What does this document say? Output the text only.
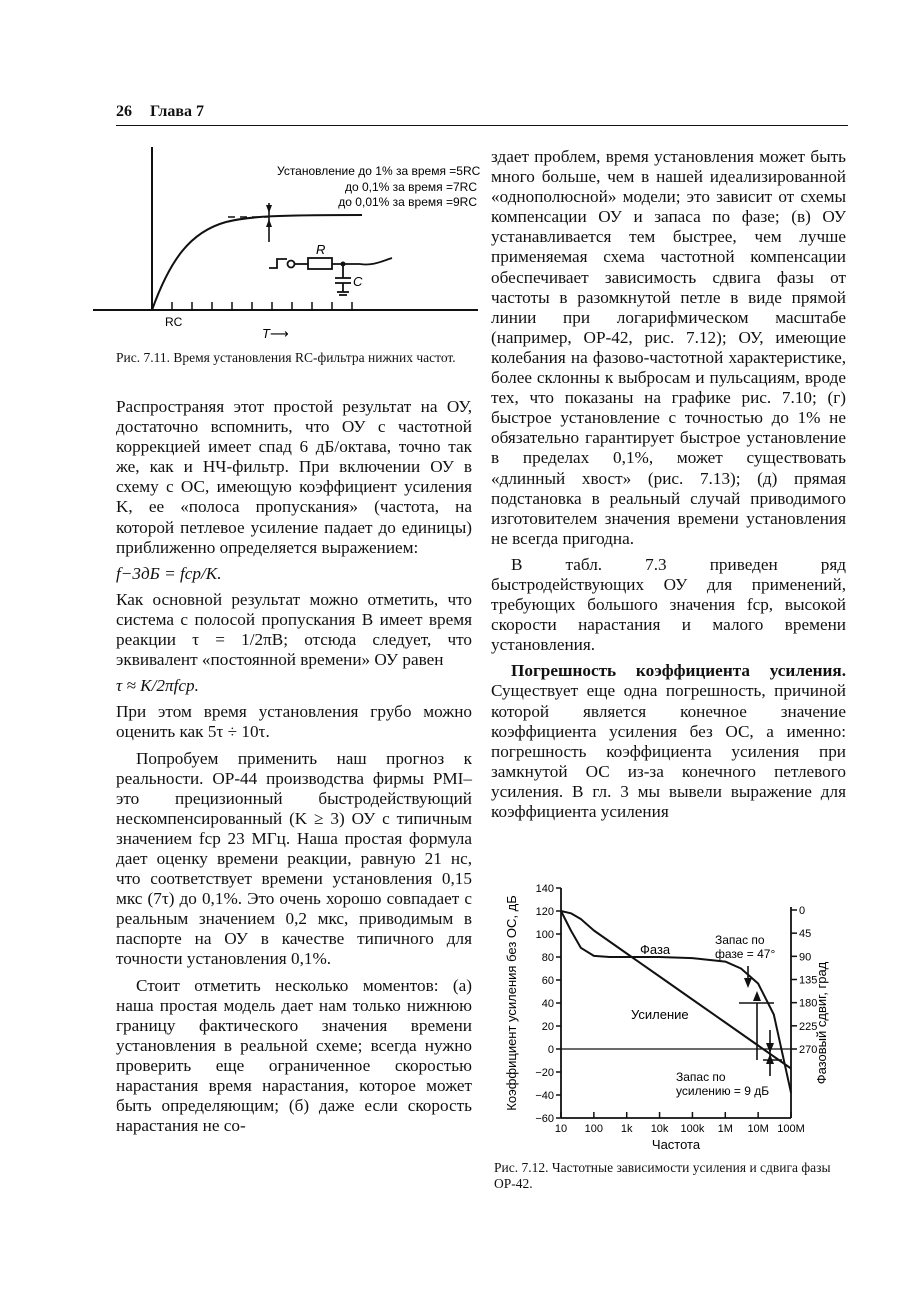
26 Глава 7
R
C
Установление до 1% за время =5RC
до 0,1% за время =7RC
до 0,01% за время =9RC
RC
T⟶
Рис. 7.11. Время установления RC-фильтра нижних частот.

Распространяя этот простой результат на ОУ, достаточно вспомнить, что ОУ с частотной коррекцией имеет спад 6 дБ/октава, точно так же, как и НЧ-фильтр. При включении ОУ в схему с ОС, имеющую коэффициент усиления K, ее «полоса пропускания» (частота, на которой петлевое усиление падает до единицы) приближенно определяется выражением:

f−3дБ = fср/K.

Как основной результат можно отметить, что система с полосой пропускания B имеет время реакции τ = 1/2πB; отсюда следует, что эквивалент «постоянной времени» ОУ равен

τ ≈ K/2πfср.

При этом время установления грубо можно оценить как 5τ ÷ 10τ.

Попробуем применить наш прогноз к реальности. ОР-44 производства фирмы PMI–это прецизионный быстродействующий нескомпенсированный (K ≥ 3) ОУ с типичным значением fср 23 МГц. Наша простая формула дает оценку времени реакции, равную 21 нс, что соответствует времени установления 0,15 мкс (7τ) до 0,1%. Это очень хорошо совпадает с реальным значением 0,2 мкс, приводимым в паспорте на ОУ в качестве типичного для точности установления 0,1%.

Стоит отметить несколько моментов: (а) наша простая модель дает нам только нижнюю границу фактического значения времени установления в реальной схеме; всегда нужно проверить еще ограниченное скоростью нарастания время нарастания, которое может быть определяющим; (б) даже если скорость нарастания не со-

здает проблем, время установления может быть много больше, чем в нашей идеализированной «однополюсной» модели; это зависит от схемы компенсации ОУ и запаса по фазе; (в) ОУ устанавливается тем быстрее, чем лучше применяемая схема частотной компенсации обеспечивает зависимость сдвига фазы от частоты в разомкнутой петле в виде прямой линии при логарифмическом масштабе (например, ОР-42, рис. 7.12); ОУ, имеющие колебания на фазово-частотной характеристике, более склонны к выбросам и пульсациям, вроде тех, что показаны на графике рис. 7.10; (г) быстрое установление с точностью до 1% не обязательно гарантирует быстрое установление в пределах 0,1%, может существовать «длинный хвост» (рис. 7.13); (д) прямая подстановка в реальный случай приводимого изготовителем значения времени установления не всегда пригодна.

В табл. 7.3 приведен ряд быстродействующих ОУ для применений, требующих большого значения fср, высокой скорости нарастания и малого времени установления.

Погрешность коэффициента усиления. Существует еще одна погрешность, причиной которой является конечное значение коэффициента усиления без ОС, а именно: погрешность коэффициента усиления при замкнутой ОС из-за конечного петлевого усиления. В гл. 3 мы вывели выражение для коэффициента усиления

140
120
100
80
60
40
20
0
−20
−40
−60
10 100 1k 10k 100k 1M 10M 100M
0
45
90
135
180
225
270
Фаза
Усиление
Запас по
фазе = 47°
Запас по
усилению = 9 дБ
Частота
Коэффициент усиления без ОС, дБ	Фазовый сдвиг, град
Рис. 7.12. Частотные зависимости усиления и сдвига фазы ОР-42.
